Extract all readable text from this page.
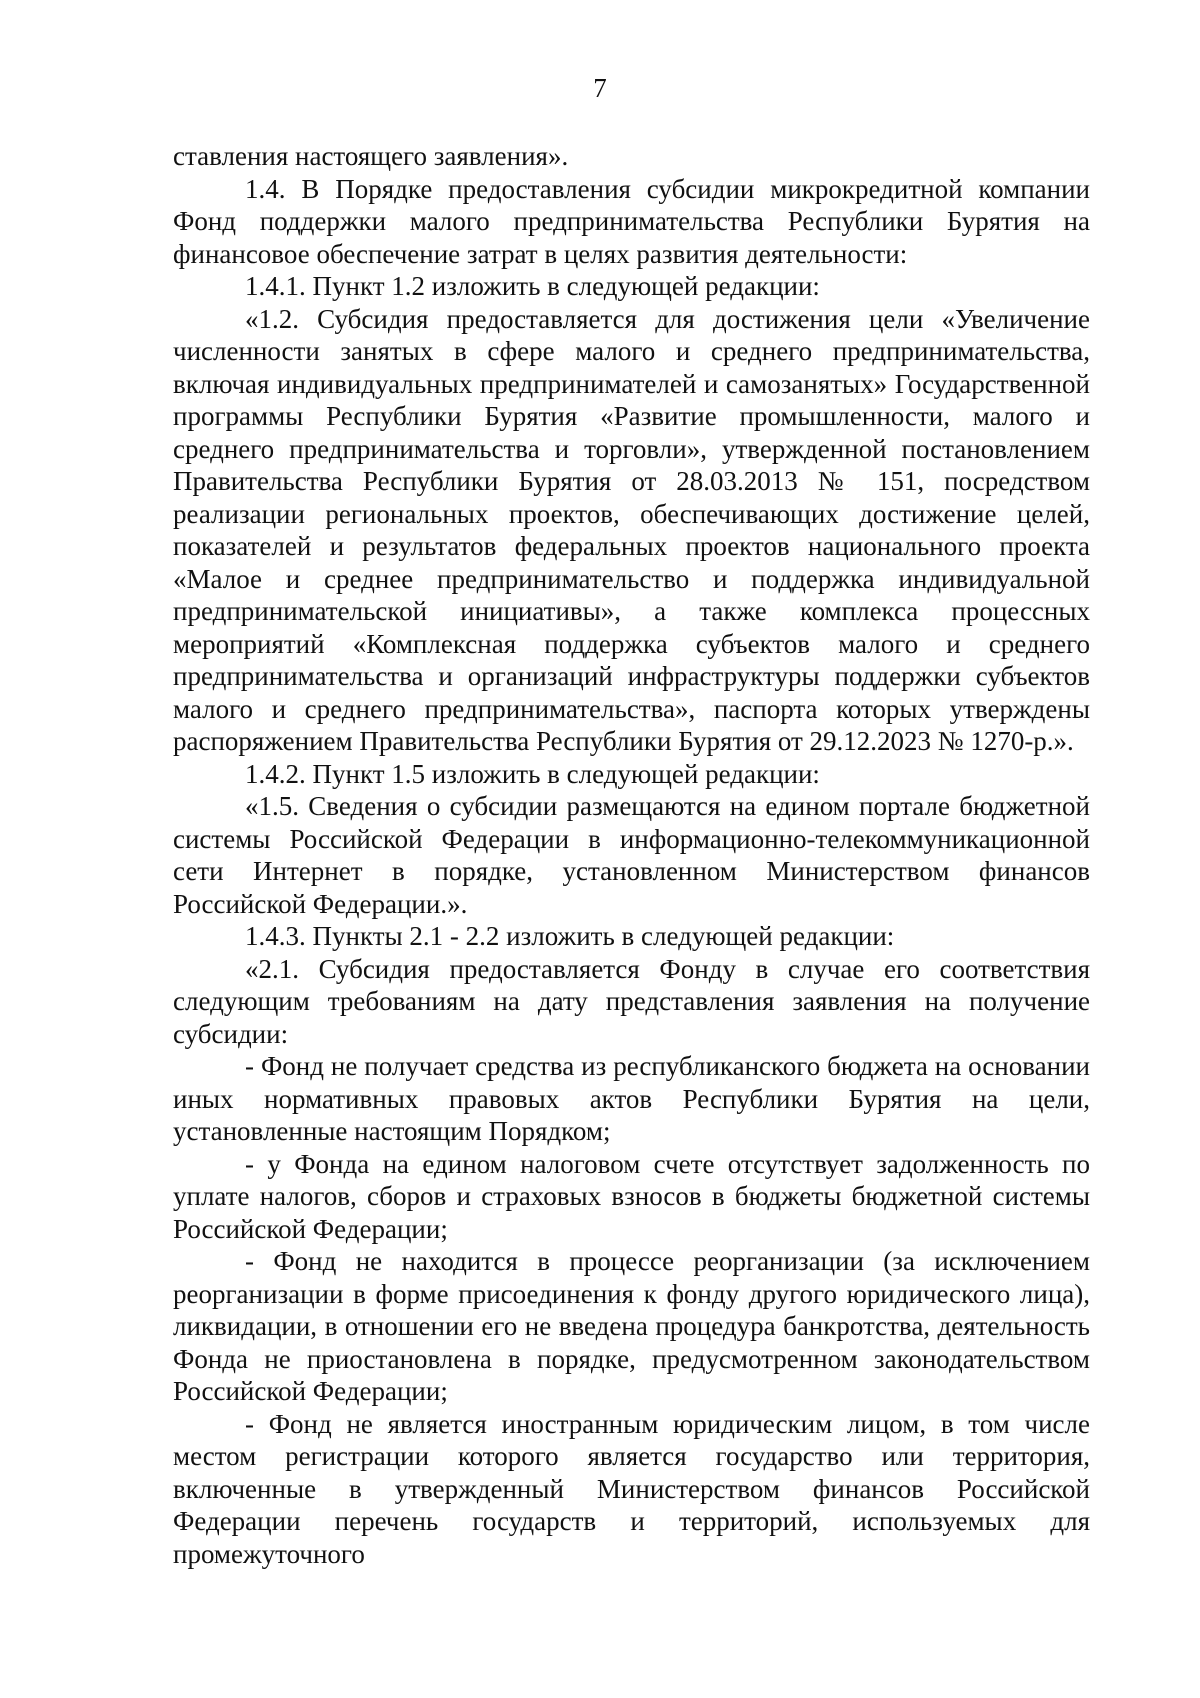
7

ставления настоящего заявления».

1.4. В Порядке предоставления субсидии микрокредитной компании Фонд поддержки малого предпринимательства Республики Бурятия на финансовое обеспечение затрат в целях развития деятельности:

1.4.1. Пункт 1.2 изложить в следующей редакции:

«1.2. Субсидия предоставляется для достижения цели «Увеличение численности занятых в сфере малого и среднего предпринимательства, включая индивидуальных предпринимателей и самозанятых» Государственной программы Республики Бурятия «Развитие промышленности, малого и среднего предпринимательства и торговли», утвержденной постановлением Правительства Республики Бурятия от 28.03.2013 № 151, посредством реализации региональных проектов, обеспечивающих достижение целей, показателей и результатов федеральных проектов национального проекта «Малое и среднее предпринимательство и поддержка индивидуальной предпринимательской инициативы», а также комплекса процессных мероприятий «Комплексная поддержка субъектов малого и среднего предпринимательства и организаций инфраструктуры поддержки субъектов малого и среднего предпринимательства», паспорта которых утверждены распоряжением Правительства Республики Бурятия от 29.12.2023 № 1270-р.».

1.4.2. Пункт 1.5 изложить в следующей редакции:

«1.5. Сведения о субсидии размещаются на едином портале бюджетной системы Российской Федерации в информационно-телекоммуникационной сети Интернет в порядке, установленном Министерством финансов Российской Федерации.».

1.4.3. Пункты 2.1 - 2.2 изложить в следующей редакции:

«2.1. Субсидия предоставляется Фонду в случае его соответствия следующим требованиям на дату представления заявления на получение субсидии:

- Фонд не получает средства из республиканского бюджета на основании иных нормативных правовых актов Республики Бурятия на цели, установленные настоящим Порядком;

- у Фонда на едином налоговом счете отсутствует задолженность по уплате налогов, сборов и страховых взносов в бюджеты бюджетной системы Российской Федерации;

- Фонд не находится в процессе реорганизации (за исключением реорганизации в форме присоединения к фонду другого юридического лица), ликвидации, в отношении его не введена процедура банкротства, деятельность Фонда не приостановлена в порядке, предусмотренном законодательством Российской Федерации;

- Фонд не является иностранным юридическим лицом, в том числе местом регистрации которого является государство или территория, включенные в утвержденный Министерством финансов Российской Федерации перечень государств и территорий, используемых для промежуточного
